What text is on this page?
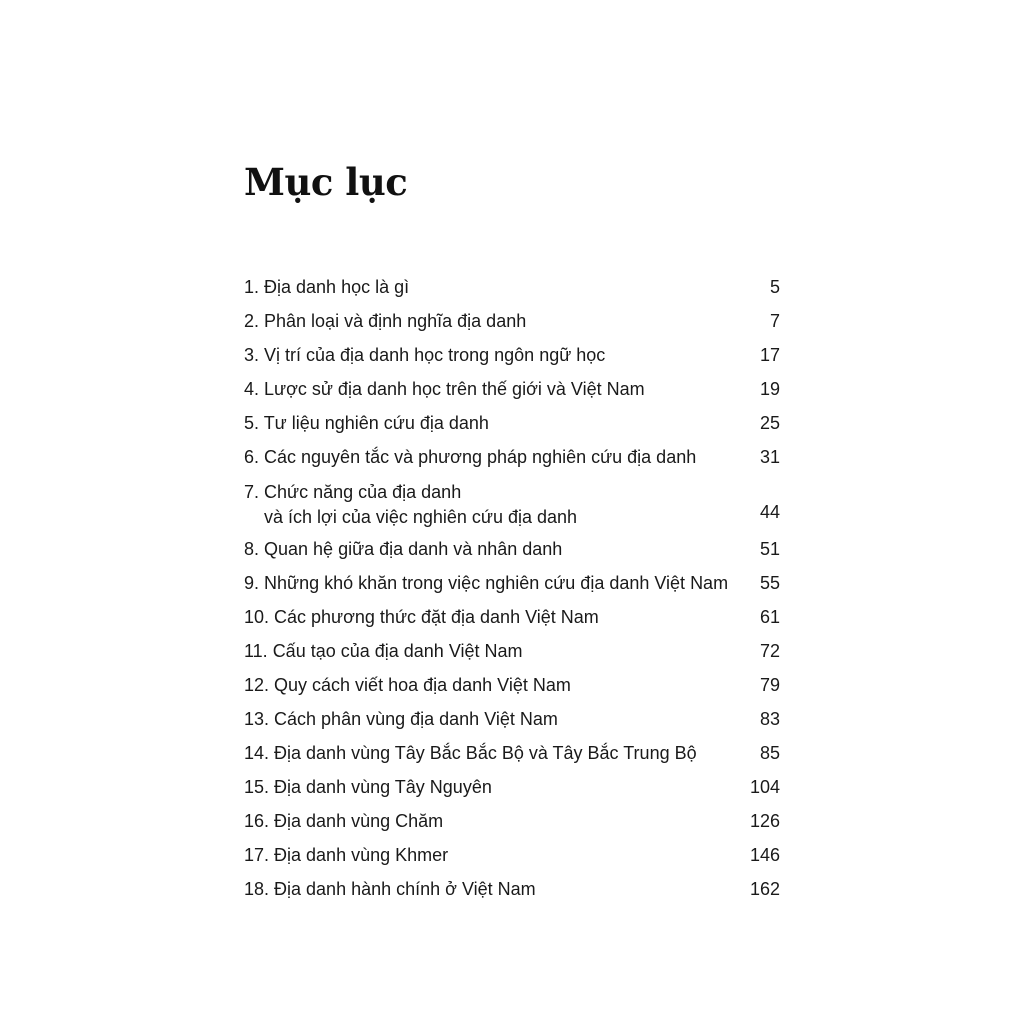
Mục lục
1. Địa danh học là gì	5
2. Phân loại và định nghĩa địa danh	7
3. Vị trí của địa danh học trong ngôn ngữ học	17
4. Lược sử địa danh học trên thế giới và Việt Nam	19
5. Tư liệu nghiên cứu địa danh	25
6. Các nguyên tắc và phương pháp nghiên cứu địa danh	31
7. Chức năng của địa danh
và ích lợi của việc nghiên cứu địa danh	44
8. Quan hệ giữa địa danh và nhân danh	51
9. Những khó khăn trong việc nghiên cứu địa danh Việt Nam	55
10. Các phương thức đặt địa danh Việt Nam	61
11. Cấu tạo của địa danh Việt Nam	72
12. Quy cách viết hoa địa danh Việt Nam	79
13. Cách phân vùng địa danh Việt Nam	83
14. Địa danh vùng Tây Bắc Bắc Bộ và Tây Bắc Trung Bộ	85
15. Địa danh vùng Tây Nguyên	104
16. Địa danh vùng Chăm	126
17. Địa danh vùng Khmer	146
18. Địa danh hành chính ở Việt Nam	162
